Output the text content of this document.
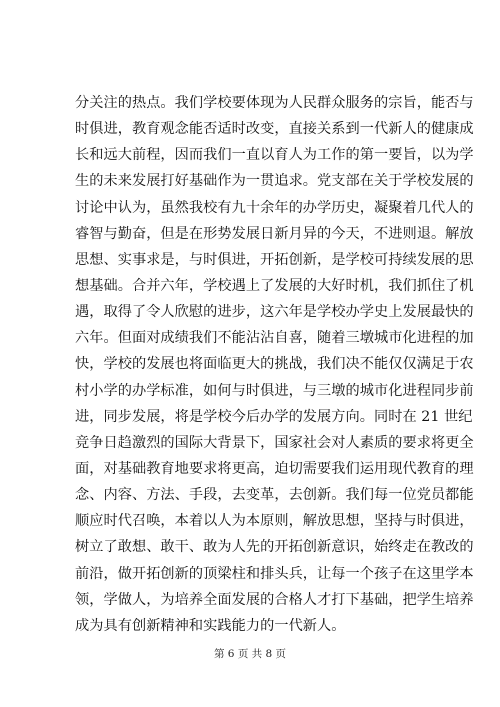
分关注的热点。我们学校要体现为人民群众服务的宗旨，能否与
时俱进，教育观念能否适时改变，直接关系到一代新人的健康成
长和远大前程，因而我们一直以育人为工作的第一要旨，以为学
生的未来发展打好基础作为一贯追求。党支部在关于学校发展的
讨论中认为，虽然我校有九十余年的办学历史，凝聚着几代人的
睿智与勤奋，但是在形势发展日新月异的今天，不进则退。解放
思想、实事求是，与时俱进，开拓创新，是学校可持续发展的思
想基础。合并六年，学校遇上了发展的大好时机，我们抓住了机
遇，取得了令人欣慰的进步，这六年是学校办学史上发展最快的
六年。但面对成绩我们不能沾沾自喜，随着三墩城市化进程的加
快，学校的发展也将面临更大的挑战，我们决不能仅仅满足于农
村小学的办学标准，如何与时俱进，与三墩的城市化进程同步前
进，同步发展，将是学校今后办学的发展方向。同时在 21 世纪
竞争日趋激烈的国际大背景下，国家社会对人素质的要求将更全
面，对基础教育地要求将更高，迫切需要我们运用现代教育的理
念、内容、方法、手段，去变革，去创新。我们每一位党员都能
顺应时代召唤，本着以人为本原则，解放思想，坚持与时俱进，
树立了敢想、敢干、敢为人先的开拓创新意识，始终走在教改的
前沿，做开拓创新的顶梁柱和排头兵，让每一个孩子在这里学本
领，学做人，为培养全面发展的合格人才打下基础，把学生培养
成为具有创新精神和实践能力的一代新人。
第 6 页 共 8 页
